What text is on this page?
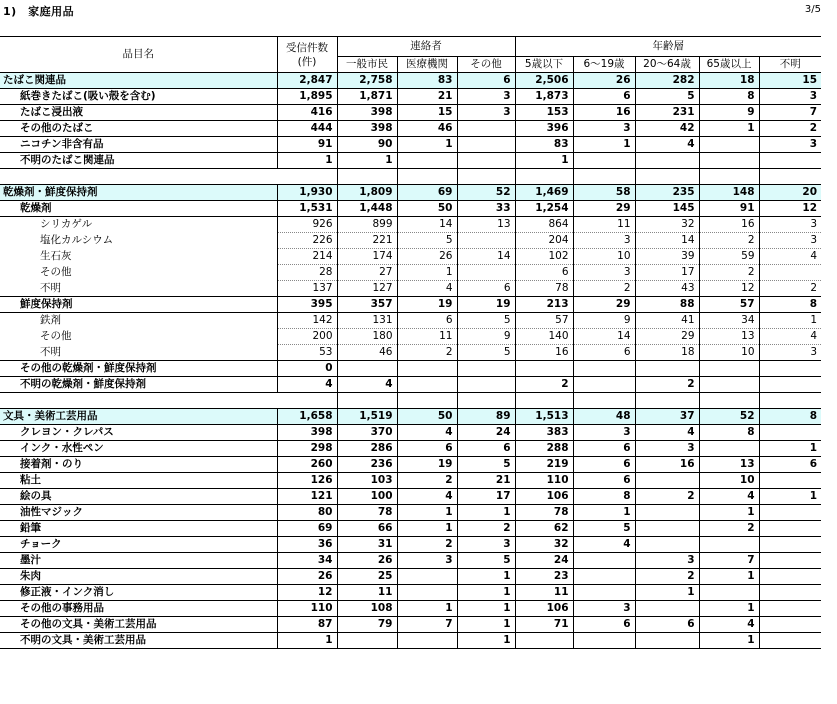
1)　家庭用品	3/5
品目名	受信件数
(件)	連絡者			年齢層				
		一般市民	医療機関	その他	5歳以下	6～19歳	20～64歳	65歳以上	不明
たばこ関連品	2,847	2,758	83	6	2,506	26	282	18	15
紙巻きたばこ(吸い殻を含む)	1,895	1,871	21	3	1,873	6	5	8	3
たばこ浸出液	416	398	15	3	153	16	231	9	7
その他のたばこ	444	398	46		396	3	42	1	2
ニコチン非含有品	91	90	1		83	1	4		3
不明のたばこ関連品	1	1			1				

乾燥剤・鮮度保持剤	1,930	1,809	69	52	1,469	58	235	148	20
乾燥剤	1,531	1,448	50	33	1,254	29	145	91	12
シリカゲル	926	899	14	13	864	11	32	16	3
塩化カルシウム	226	221	5		204	3	14	2	3
生石灰	214	174	26	14	102	10	39	59	4
その他	28	27	1		6	3	17	2	
不明	137	127	4	6	78	2	43	12	2
鮮度保持剤	395	357	19	19	213	29	88	57	8
鉄剤	142	131	6	5	57	9	41	34	1
その他	200	180	11	9	140	14	29	13	4
不明	53	46	2	5	16	6	18	10	3
その他の乾燥剤・鮮度保持剤	0								
不明の乾燥剤・鮮度保持剤	4	4			2		2		

文具・美術工芸用品	1,658	1,519	50	89	1,513	48	37	52	8
クレヨン・クレパス	398	370	4	24	383	3	4	8	
インク・水性ペン	298	286	6	6	288	6	3		1
接着剤・のり	260	236	19	5	219	6	16	13	6
粘土	126	103	2	21	110	6		10	
絵の具	121	100	4	17	106	8	2	4	1
油性マジック	80	78	1	1	78	1		1	
鉛筆	69	66	1	2	62	5		2	
チョーク	36	31	2	3	32	4			
墨汁	34	26	3	5	24		3	7	
朱肉	26	25		1	23		2	1	
修正液・インク消し	12	11		1	11		1		
その他の事務用品	110	108	1	1	106	3		1	
その他の文具・美術工芸用品	87	79	7	1	71	6	6	4	
不明の文具・美術工芸用品	1			1				1	
